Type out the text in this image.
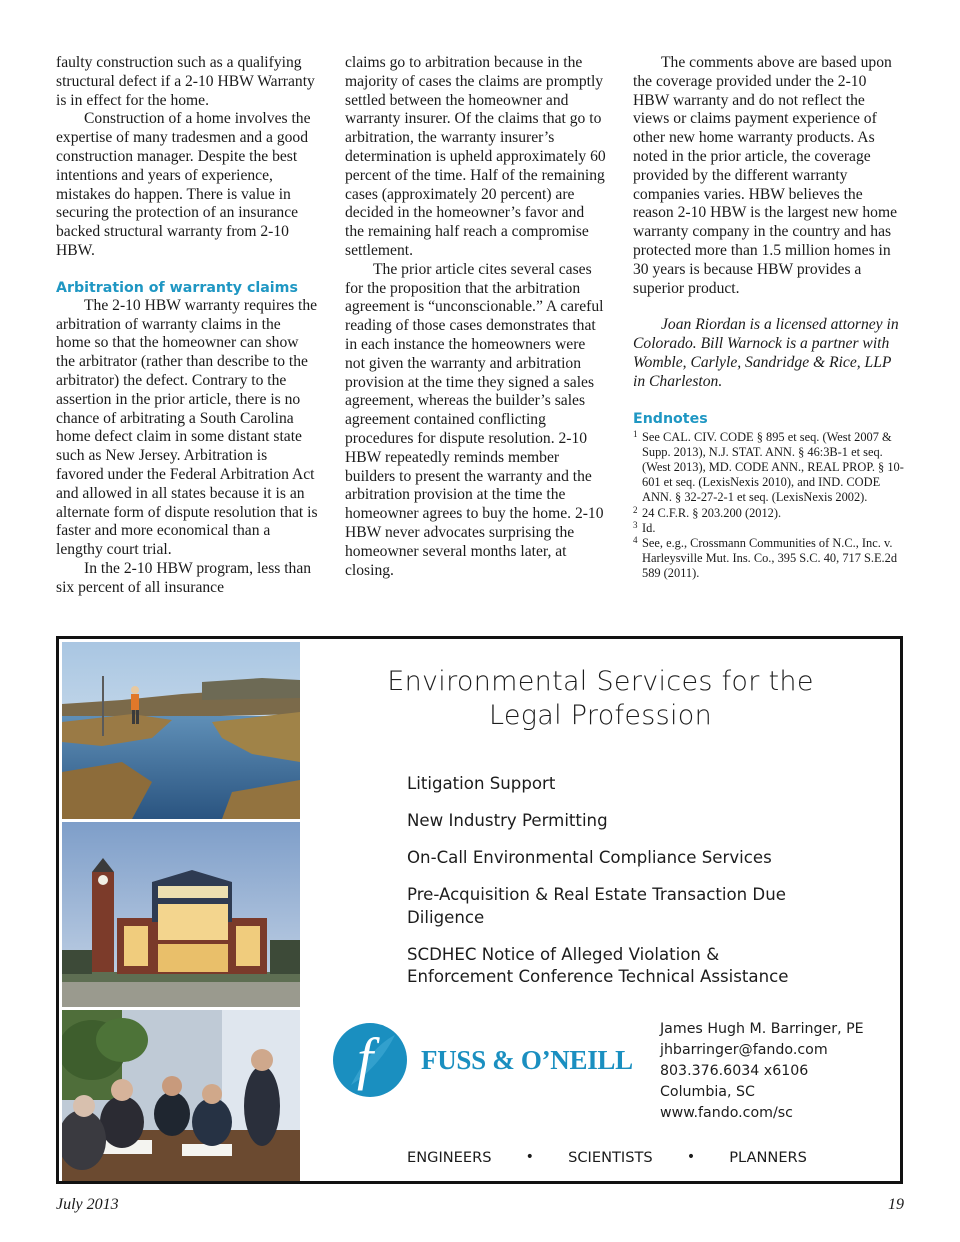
faulty construction such as a qualifying structural defect if a 2-10 HBW Warranty is in effect for the home.

Construction of a home involves the expertise of many tradesmen and a good construction manager. Despite the best intentions and years of experience, mistakes do happen. There is value in securing the protection of an insurance backed structural warranty from 2-10 HBW.

Arbitration of warranty claims

The 2-10 HBW warranty requires the arbitration of warranty claims in the home so that the homeowner can show the arbitrator (rather than describe to the arbitrator) the defect. Contrary to the assertion in the prior article, there is no chance of arbitrating a South Carolina home defect claim in some distant state such as New Jersey. Arbitration is favored under the Federal Arbitration Act and allowed in all states because it is an alternate form of dispute resolution that is faster and more economical than a lengthy court trial.

In the 2-10 HBW program, less than six percent of all insurance

claims go to arbitration because in the majority of cases the claims are promptly settled between the homeowner and warranty insurer. Of the claims that go to arbitration, the warranty insurer’s determination is upheld approximately 60 percent of the time. Half of the remaining cases (approximately 20 percent) are decided in the homeowner’s favor and the remaining half reach a compromise settlement.

The prior article cites several cases for the proposition that the arbitration agreement is “unconscionable.” A careful reading of those cases demonstrates that in each instance the homeowners were not given the warranty and arbitration provision at the time they signed a sales agreement, whereas the builder’s sales agreement contained conflicting procedures for dispute resolution. 2-10 HBW repeatedly reminds member builders to present the warranty and the arbitration provision at the time the homeowner agrees to buy the home. 2-10 HBW never advocates surprising the homeowner several months later, at closing.

The comments above are based upon the coverage provided under the 2-10 HBW warranty and do not reflect the views or claims payment experience of other new home warranty products. As noted in the prior article, the coverage provided by the different warranty companies varies. HBW believes the reason 2-10 HBW is the largest new home warranty company in the country and has protected more than 1.5 million homes in 30 years is because HBW provides a superior product.

Joan Riordan is a licensed attorney in Colorado. Bill Warnock is a partner with Womble, Carlyle, Sandridge & Rice, LLP in Charleston.

Endnotes
1 See CAL. CIV. CODE § 895 et seq. (West 2007 & Supp. 2013), N.J. STAT. ANN. § 46:3B-1 et seq. (West 2013), MD. CODE ANN., REAL PROP. § 10-601 et seq. (LexisNexis 2010), and IND. CODE ANN. § 32-27-2-1 et seq. (LexisNexis 2002).
2 24 C.F.R. § 203.200 (2012).
3 Id.
4 See, e.g., Crossmann Communities of N.C., Inc. v. Harleysville Mut. Ins. Co., 395 S.C. 40, 717 S.E.2d 589 (2011).
Environmental Services for the
Legal Profession
Litigation Support
New Industry Permitting
On-Call Environmental Compliance Services
Pre-Acquisition & Real Estate Transaction Due Diligence
SCDHEC Notice of Alleged Violation & Enforcement Conference Technical Assistance
f FUSS & O’NEILL
James Hugh M. Barringer, PE
jhbarringer@fando.com
803.376.6034 x6106
Columbia, SC
www.fando.com/sc
ENGINEERS • SCIENTISTS • PLANNERS
July 2013	19
